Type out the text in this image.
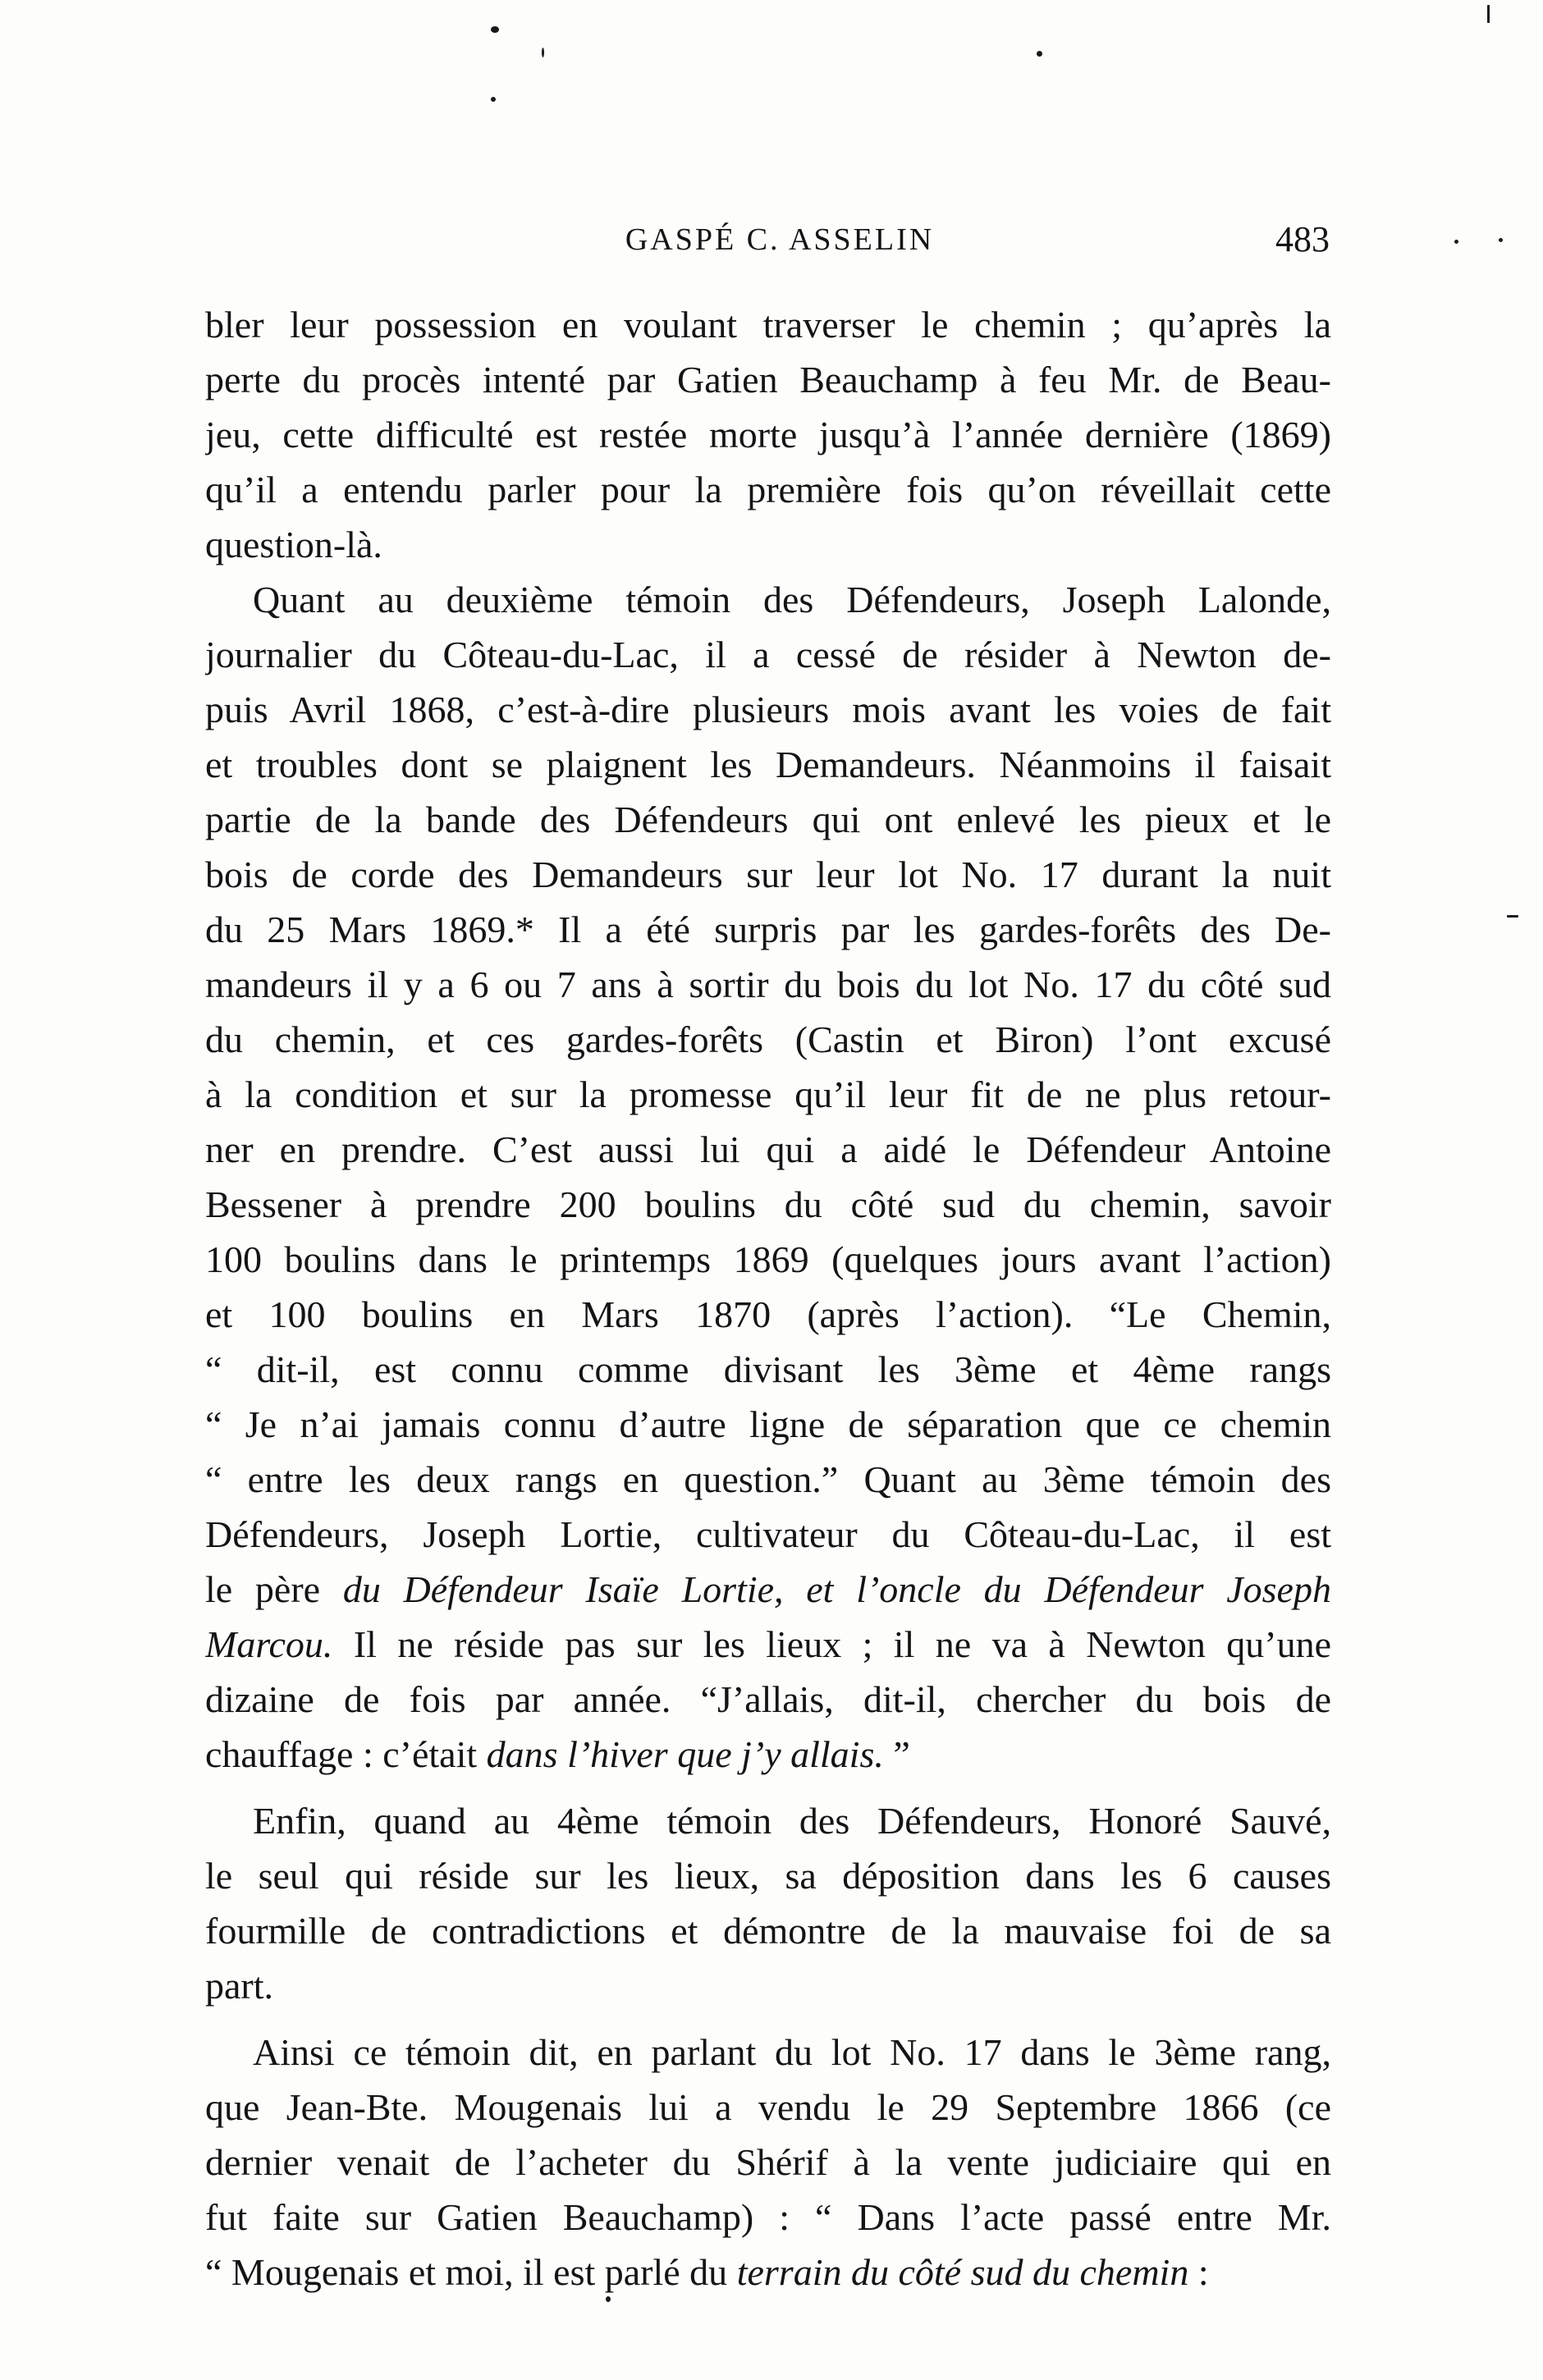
GASPÉ C. ASSELIN	483
bler leur possession en voulant traverser le chemin ; qu’après la
perte du procès intenté par Gatien Beauchamp à feu Mr. de Beau-
jeu, cette difficulté est restée morte jusqu’à l’année dernière (1869)
qu’il a entendu parler pour la première fois qu’on réveillait cette
question-là.
Quant au deuxième témoin des Défendeurs, Joseph Lalonde,
journalier du Côteau-du-Lac, il a cessé de résider à Newton de-
puis Avril 1868, c’est-à-dire plusieurs mois avant les voies de fait
et troubles dont se plaignent les Demandeurs. Néanmoins il faisait
partie de la bande des Défendeurs qui ont enlevé les pieux et le
bois de corde des Demandeurs sur leur lot No. 17 durant la nuit
du 25 Mars 1869.* Il a été surpris par les gardes-forêts des De-
mandeurs il y a 6 ou 7 ans à sortir du bois du lot No. 17 du côté sud
du chemin, et ces gardes-forêts (Castin et Biron) l’ont excusé
à la condition et sur la promesse qu’il leur fit de ne plus retour-
ner en prendre. C’est aussi lui qui a aidé le Défendeur Antoine
Bessener à prendre 200 boulins du côté sud du chemin, savoir
100 boulins dans le printemps 1869 (quelques jours avant l’action)
et 100 boulins en Mars 1870 (après l’action). “Le Chemin,
“ dit-il, est connu comme divisant les 3ème et 4ème rangs
“ Je n’ai jamais connu d’autre ligne de séparation que ce chemin
“ entre les deux rangs en question.” Quant au 3ème témoin des
Défendeurs, Joseph Lortie, cultivateur du Côteau-du-Lac, il est
le père du Défendeur Isaïe Lortie, et l’oncle du Défendeur Joseph
Marcou. Il ne réside pas sur les lieux ; il ne va à Newton qu’une
dizaine de fois par année. “J’allais, dit-il, chercher du bois de
chauffage : c’était dans l’hiver que j’y allais. ”
Enfin, quand au 4ème témoin des Défendeurs, Honoré Sauvé,
le seul qui réside sur les lieux, sa déposition dans les 6 causes
fourmille de contradictions et démontre de la mauvaise foi de sa
part.
Ainsi ce témoin dit, en parlant du lot No. 17 dans le 3ème rang,
que Jean-Bte. Mougenais lui a vendu le 29 Septembre 1866 (ce
dernier venait de l’acheter du Shérif à la vente judiciaire qui en
fut faite sur Gatien Beauchamp) : “ Dans l’acte passé entre Mr.
“ Mougenais et moi, il est parlé du terrain du côté sud du chemin :
